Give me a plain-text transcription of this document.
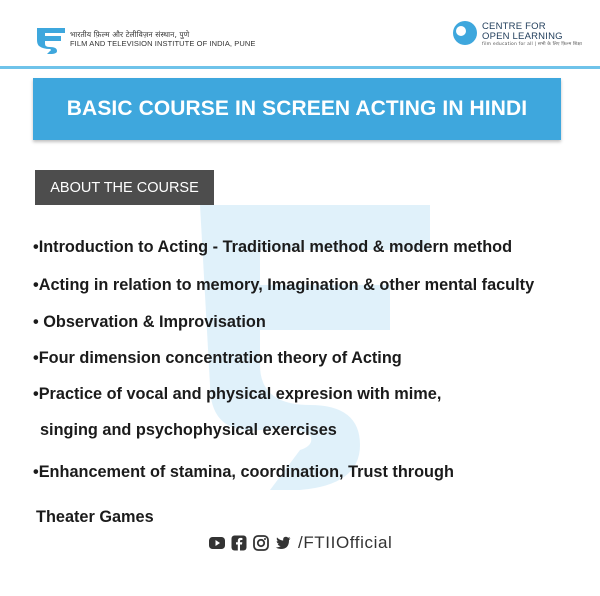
भारतीय फ़िल्म और टेलीविज़न संस्थान, पुणे
FILM AND TELEVISION INSTITUTE OF INDIA, PUNE
CENTRE FOR
OPEN LEARNING
film education for all | सभी के लिए फ़िल्म शिक्षा
BASIC COURSE IN SCREEN ACTING IN HINDI
ABOUT THE COURSE
•Introduction to Acting - Traditional method & modern method
•Acting in relation to memory, Imagination & other mental faculty
• Observation & Improvisation
•Four dimension concentration theory of Acting
•Practice of vocal and physical expresion with mime,
singing and psychophysical exercises
•Enhancement of stamina, coordination, Trust through
Theater Games
/FTIIOfficial
